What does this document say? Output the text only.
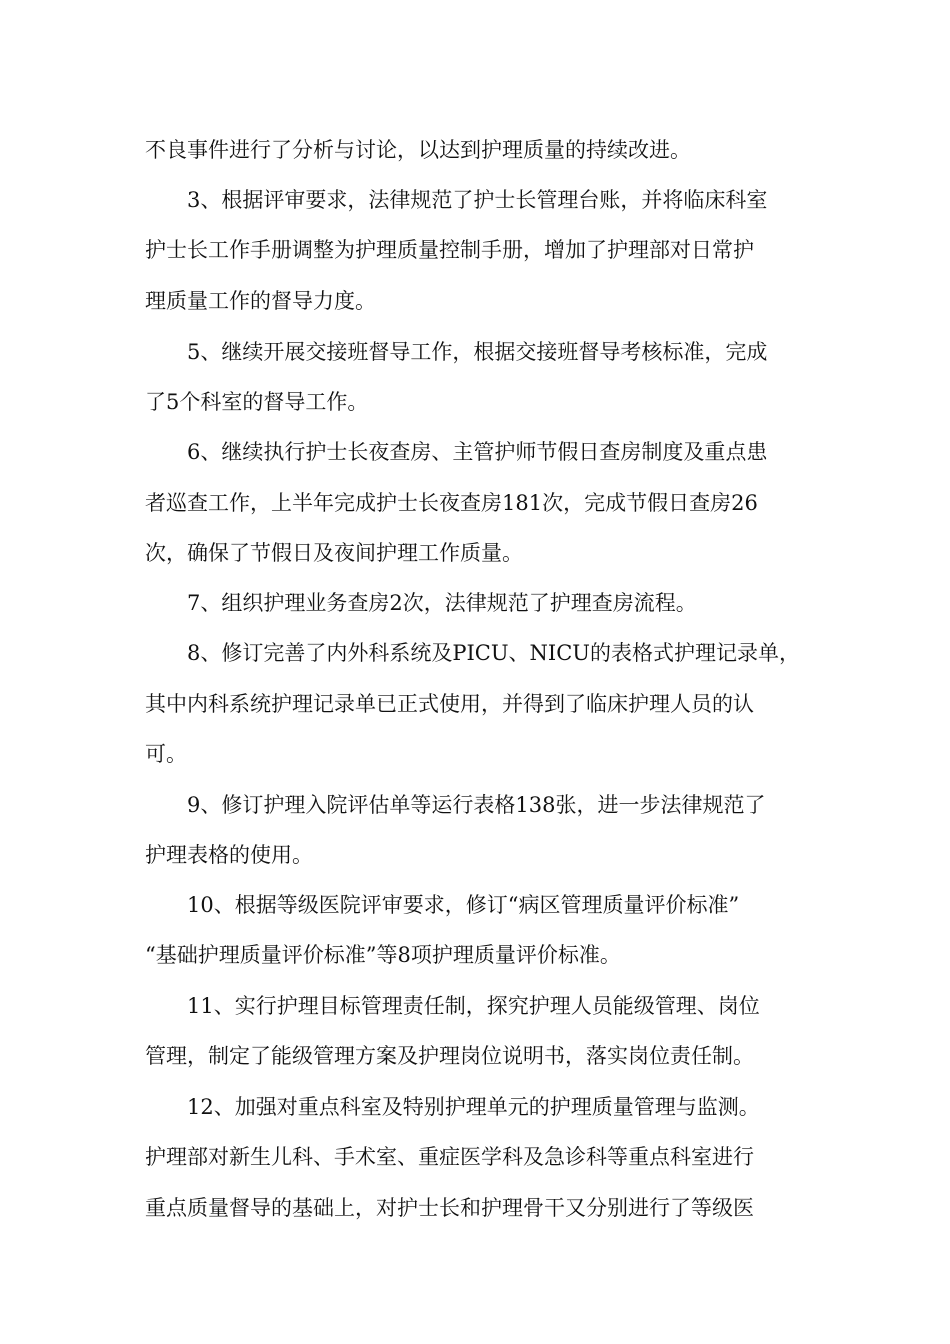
不良事件进行了分析与讨论，以达到护理质量的持续改进。
3、根据评审要求，法律规范了护士长管理台账，并将临床科室
护士长工作手册调整为护理质量控制手册，增加了护理部对日常护
理质量工作的督导力度。
5、继续开展交接班督导工作，根据交接班督导考核标准，完成
了5个科室的督导工作。
6、继续执行护士长夜查房、主管护师节假日查房制度及重点患
者巡查工作，上半年完成护士长夜查房181次，完成节假日查房26
次，确保了节假日及夜间护理工作质量。
7、组织护理业务查房2次，法律规范了护理查房流程。
8、修订完善了内外科系统及PICU、NICU的表格式护理记录单，
其中内科系统护理记录单已正式使用，并得到了临床护理人员的认
可。
9、修订护理入院评估单等运行表格138张，进一步法律规范了
护理表格的使用。
10、根据等级医院评审要求，修订“病区管理质量评价标准”
“基础护理质量评价标准”等8项护理质量评价标准。
11、实行护理目标管理责任制，探究护理人员能级管理、岗位
管理，制定了能级管理方案及护理岗位说明书，落实岗位责任制。
12、加强对重点科室及特别护理单元的护理质量管理与监测。
护理部对新生儿科、手术室、重症医学科及急诊科等重点科室进行
重点质量督导的基础上，对护士长和护理骨干又分别进行了等级医
